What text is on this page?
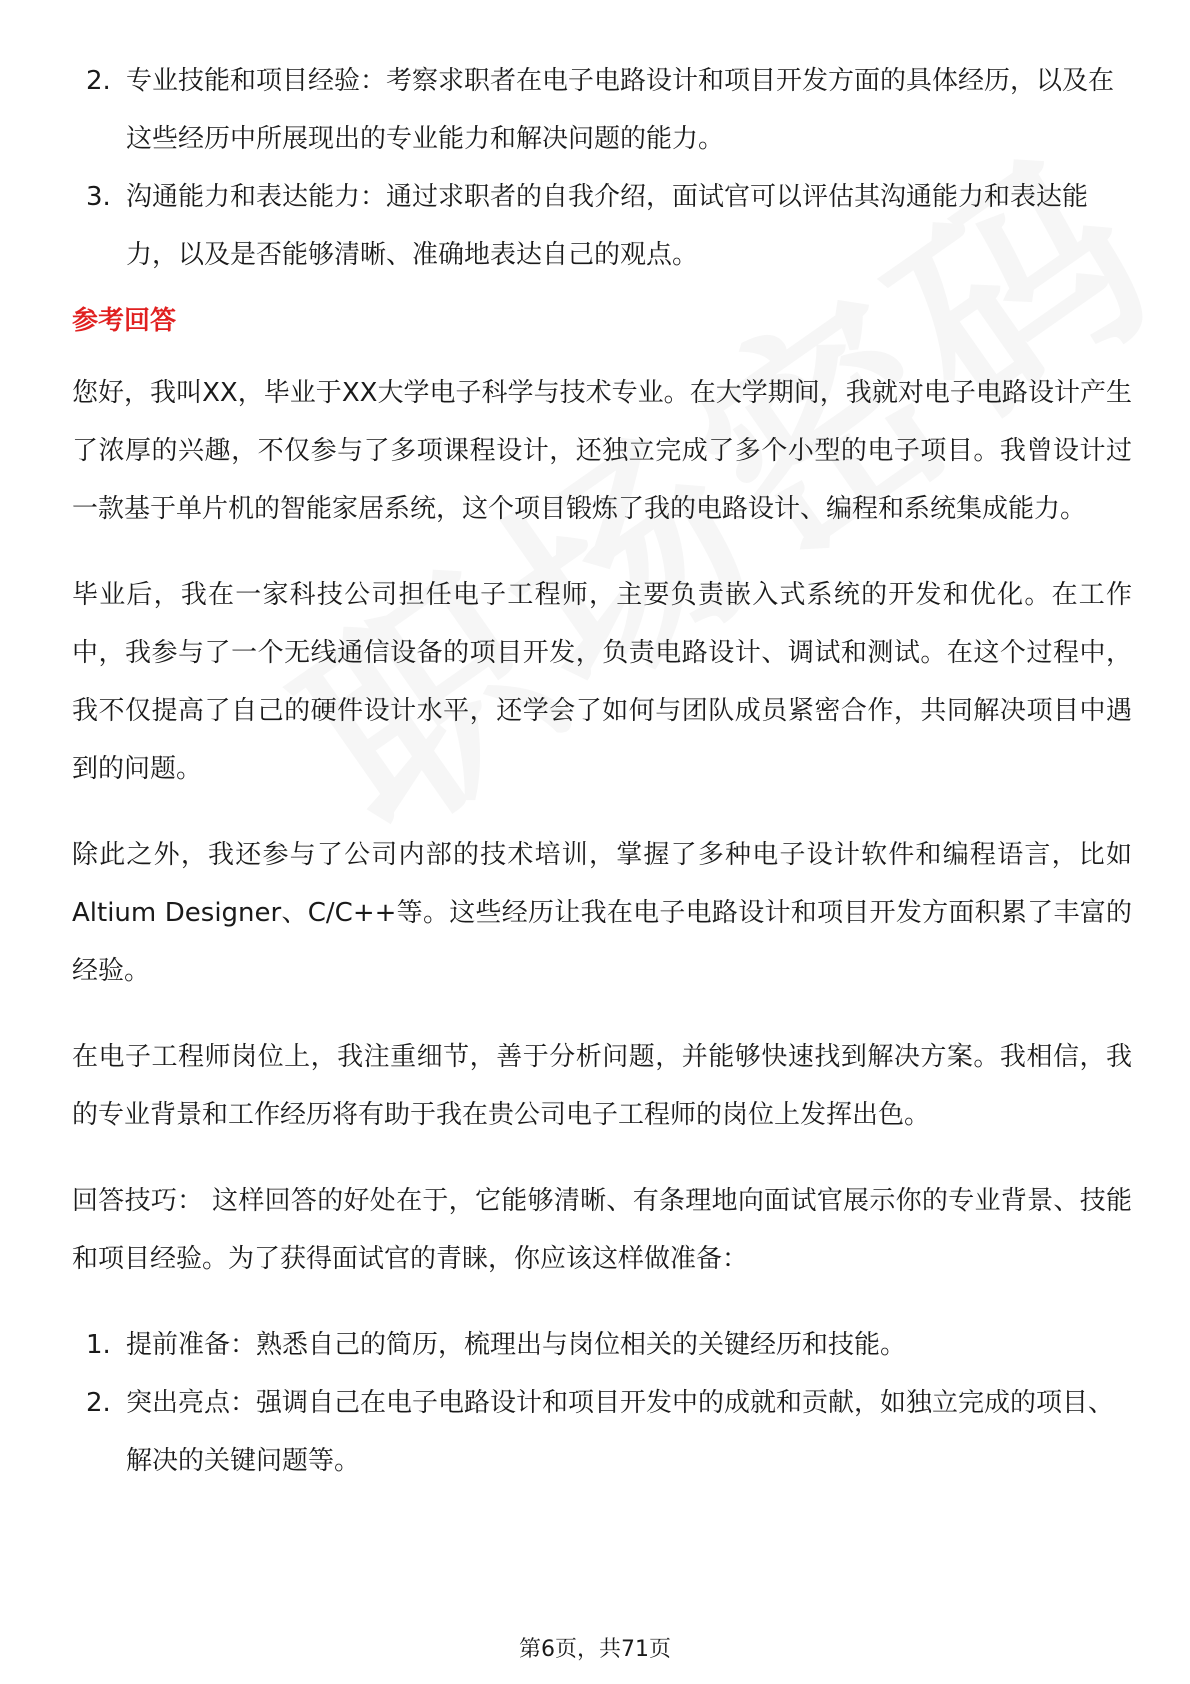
2. 专业技能和项目经验：考察求职者在电子电路设计和项目开发方面的具体经历，以及在这些经历中所展现出的专业能力和解决问题的能力。
3. 沟通能力和表达能力：通过求职者的自我介绍，面试官可以评估其沟通能力和表达能力，以及是否能够清晰、准确地表达自己的观点。
参考回答

您好，我叫XX，毕业于XX大学电子科学与技术专业。在大学期间，我就对电子电路设计产生了浓厚的兴趣，不仅参与了多项课程设计，还独立完成了多个小型的电子项目。我曾设计过一款基于单片机的智能家居系统，这个项目锻炼了我的电路设计、编程和系统集成能力。

毕业后，我在一家科技公司担任电子工程师，主要负责嵌入式系统的开发和优化。在工作中，我参与了一个无线通信设备的项目开发，负责电路设计、调试和测试。在这个过程中，我不仅提高了自己的硬件设计水平，还学会了如何与团队成员紧密合作，共同解决项目中遇到的问题。

除此之外，我还参与了公司内部的技术培训，掌握了多种电子设计软件和编程语言，比如Altium Designer、C/C++等。这些经历让我在电子电路设计和项目开发方面积累了丰富的经验。

在电子工程师岗位上，我注重细节，善于分析问题，并能够快速找到解决方案。我相信，我的专业背景和工作经历将有助于我在贵公司电子工程师的岗位上发挥出色。

回答技巧： 这样回答的好处在于，它能够清晰、有条理地向面试官展示你的专业背景、技能和项目经验。为了获得面试官的青睐，你应该这样做准备：

1. 提前准备：熟悉自己的简历，梳理出与岗位相关的关键经历和技能。
2. 突出亮点：强调自己在电子电路设计和项目开发中的成就和贡献，如独立完成的项目、解决的关键问题等。
第6页，共71页
